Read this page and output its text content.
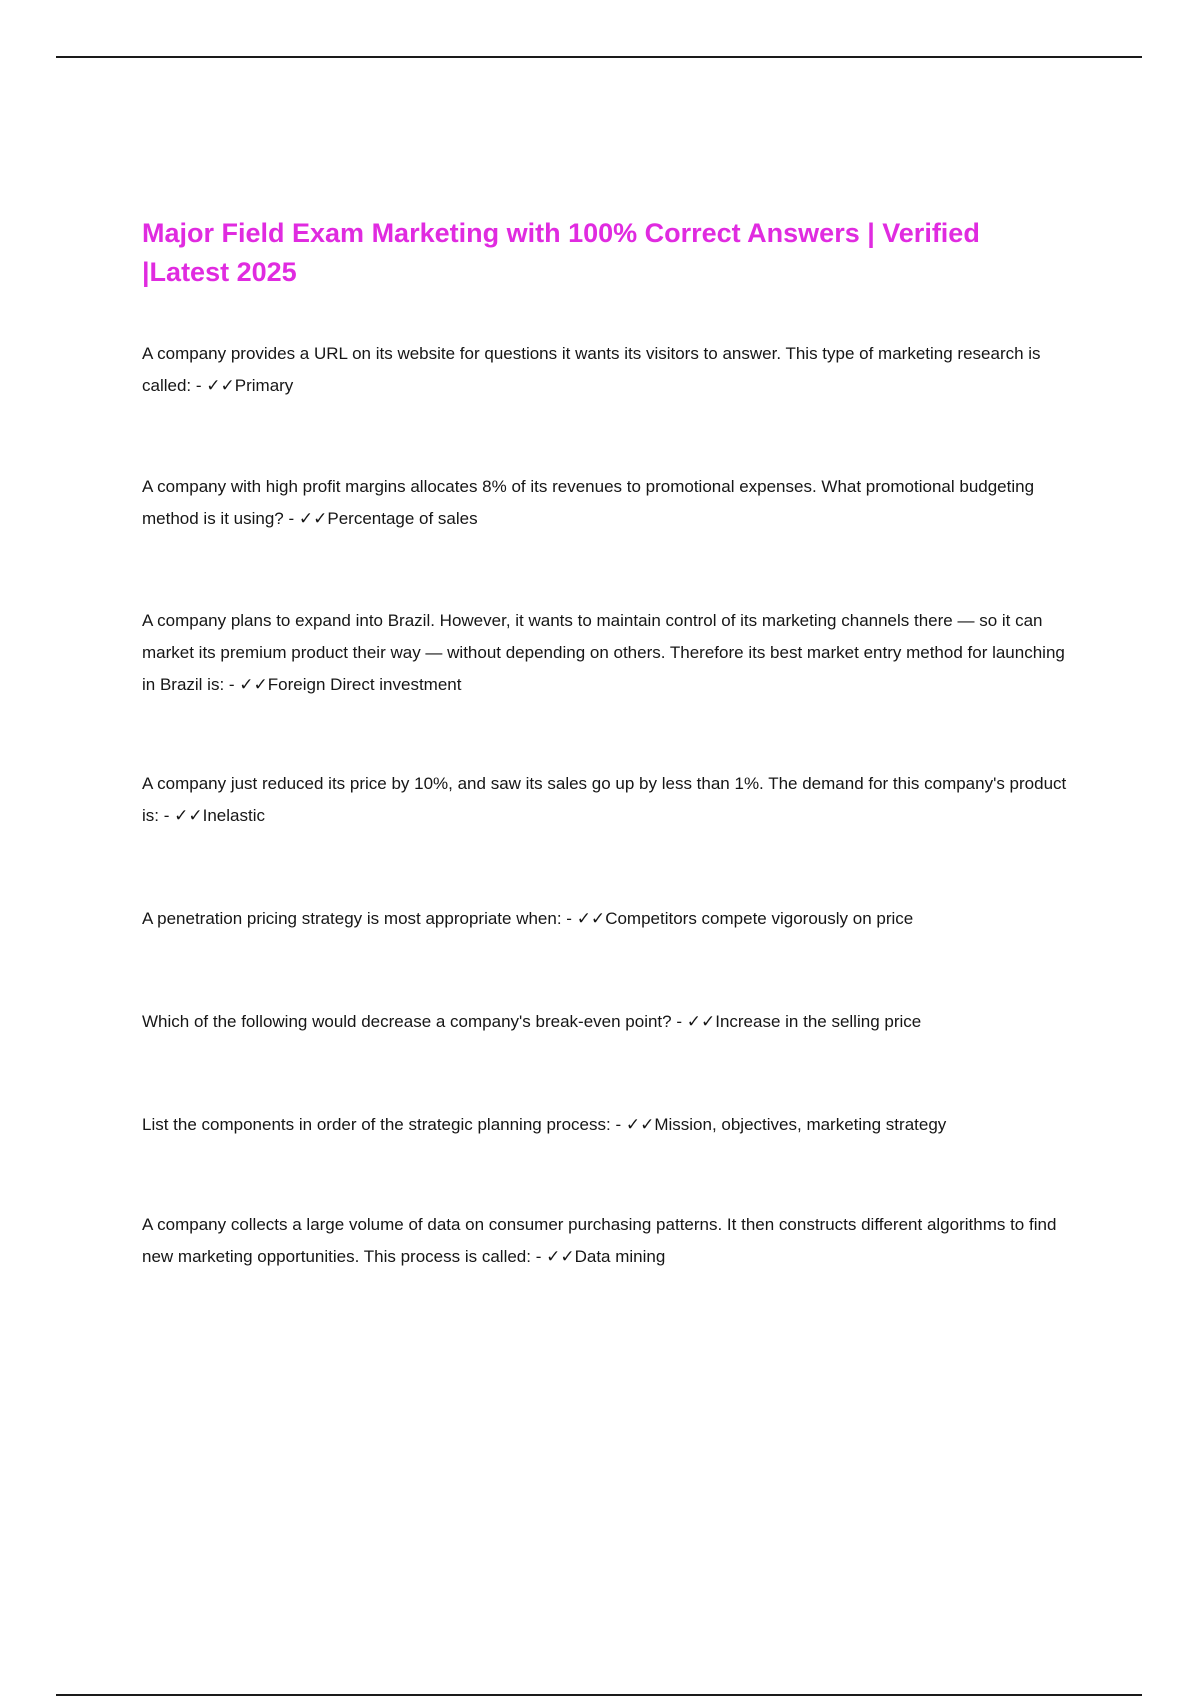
Major Field Exam Marketing with 100% Correct Answers | Verified |Latest 2025

A company provides a URL on its website for questions it wants its visitors to answer. This type of marketing research is called: - ✓✓Primary

A company with high profit margins allocates 8% of its revenues to promotional expenses. What promotional budgeting method is it using? - ✓✓Percentage of sales

A company plans to expand into Brazil. However, it wants to maintain control of its marketing channels there — so it can market its premium product their way — without depending on others. Therefore its best market entry method for launching in Brazil is: - ✓✓Foreign Direct investment

A company just reduced its price by 10%, and saw its sales go up by less than 1%. The demand for this company's product is: - ✓✓Inelastic

A penetration pricing strategy is most appropriate when: - ✓✓Competitors compete vigorously on price

Which of the following would decrease a company's break-even point? - ✓✓Increase in the selling price

List the components in order of the strategic planning process: - ✓✓Mission, objectives, marketing strategy

A company collects a large volume of data on consumer purchasing patterns. It then constructs different algorithms to find new marketing opportunities. This process is called: - ✓✓Data mining
